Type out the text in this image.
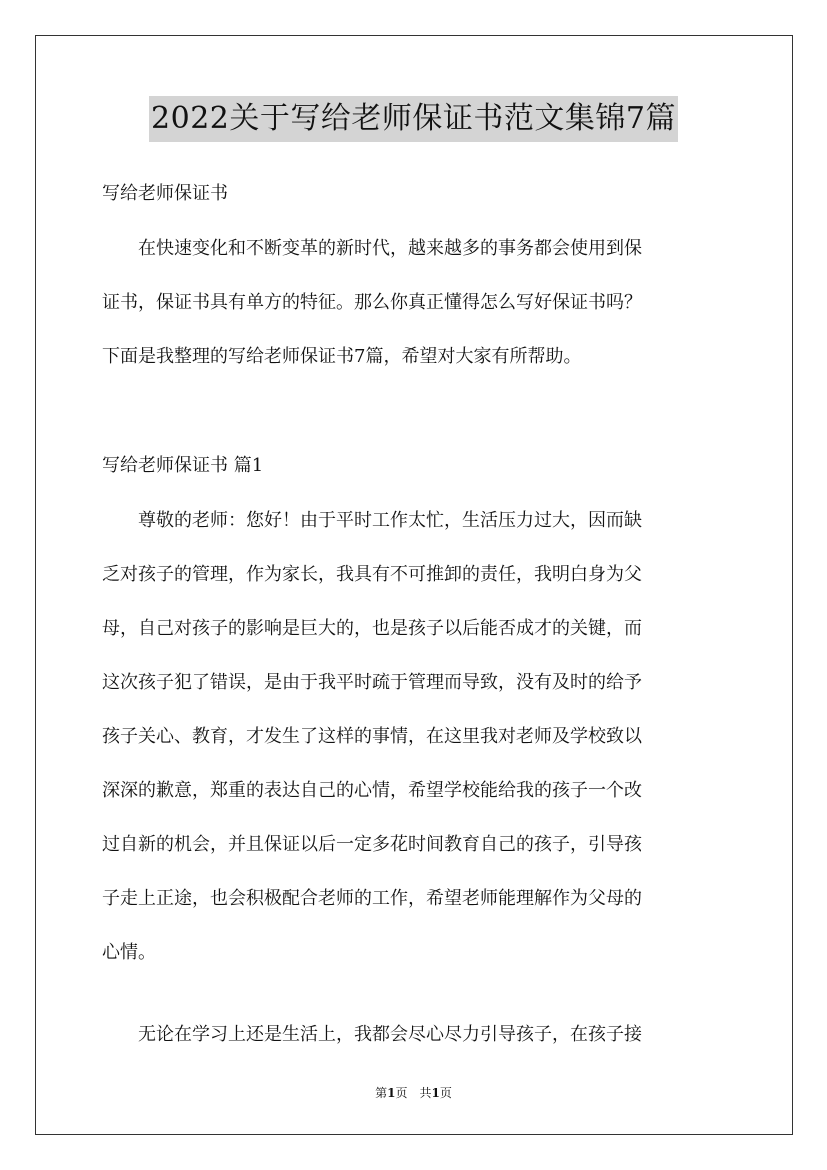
2022关于写给老师保证书范文集锦7篇

写给老师保证书

　　在快速变化和不断变革的新时代，越来越多的事务都会使用到保

证书，保证书具有单方的特征。那么你真正懂得怎么写好保证书吗？

下面是我整理的写给老师保证书7篇，希望对大家有所帮助。

写给老师保证书 篇1

　　尊敬的老师：您好！由于平时工作太忙，生活压力过大，因而缺

乏对孩子的管理，作为家长，我具有不可推卸的责任，我明白身为父

母，自己对孩子的影响是巨大的，也是孩子以后能否成才的关键，而

这次孩子犯了错误，是由于我平时疏于管理而导致，没有及时的给予

孩子关心、教育，才发生了这样的事情，在这里我对老师及学校致以

深深的歉意，郑重的表达自己的心情，希望学校能给我的孩子一个改

过自新的机会，并且保证以后一定多花时间教育自己的孩子，引导孩

子走上正途，也会积极配合老师的工作，希望老师能理解作为父母的

心情。

　　无论在学习上还是生活上，我都会尽心尽力引导孩子，在孩子接

第1页　共1页
